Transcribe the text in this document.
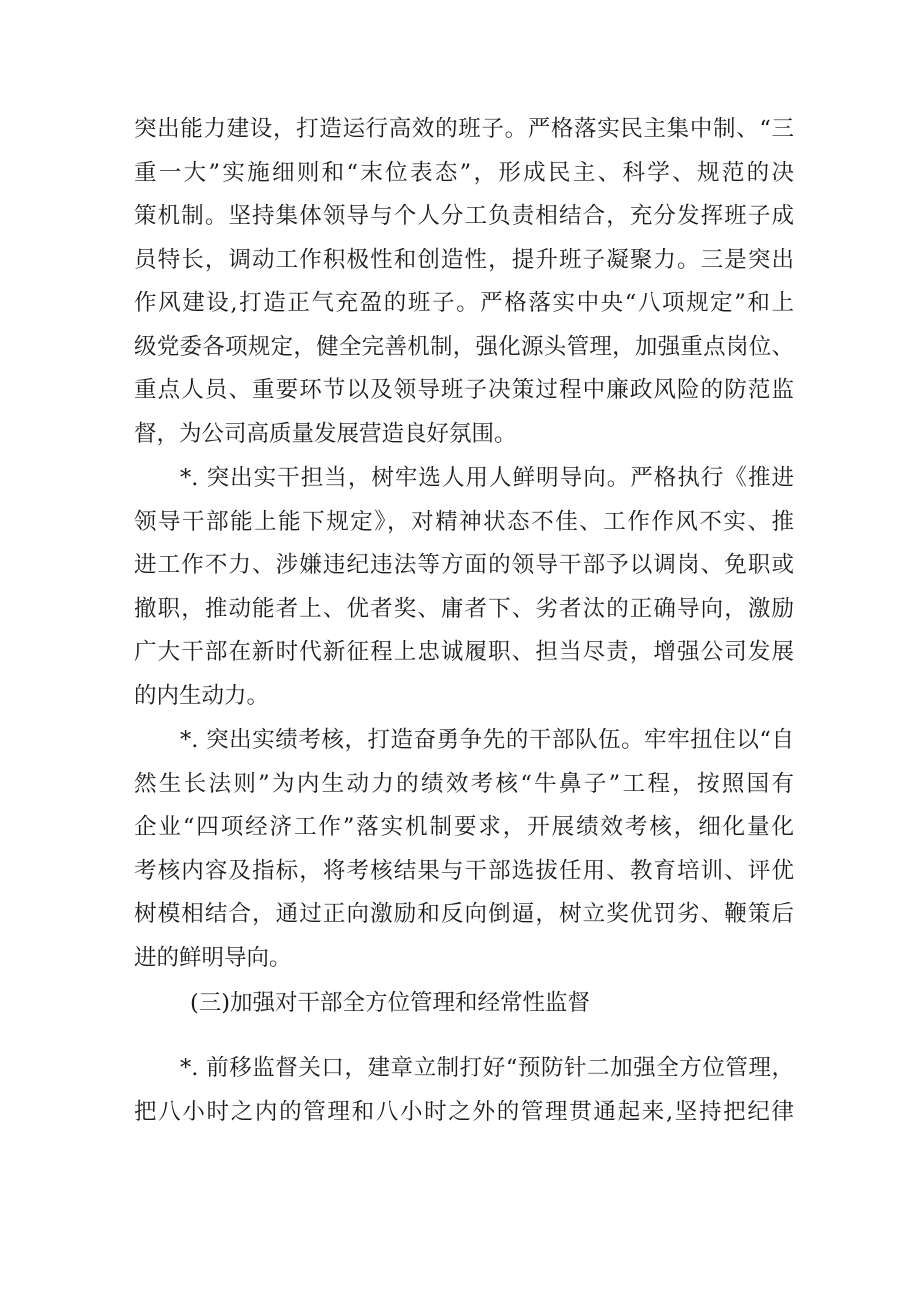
突出能力建设，打造运行高效的班子。严格落实民主集中制、“三
重一大”实施细则和“末位表态”，形成民主、科学、规范的决
策机制。坚持集体领导与个人分工负责相结合，充分发挥班子成
员特长，调动工作积极性和创造性，提升班子凝聚力。三是突出
作风建设,打造正气充盈的班子。严格落实中央“八项规定”和上
级党委各项规定，健全完善机制，强化源头管理，加强重点岗位、
重点人员、重要环节以及领导班子决策过程中廉政风险的防范监
督，为公司高质量发展营造良好氛围。
*. 突出实干担当，树牢选人用人鲜明导向。严格执行《推进
领导干部能上能下规定》，对精神状态不佳、工作作风不实、推
进工作不力、涉嫌违纪违法等方面的领导干部予以调岗、免职或
撤职，推动能者上、优者奖、庸者下、劣者汰的正确导向，激励
广大干部在新时代新征程上忠诚履职、担当尽责，增强公司发展
的内生动力。
*. 突出实绩考核，打造奋勇争先的干部队伍。牢牢扭住以“自
然生长法则”为内生动力的绩效考核“牛鼻子”工程，按照国有
企业“四项经济工作”落实机制要求，开展绩效考核，细化量化
考核内容及指标，将考核结果与干部选拔任用、教育培训、评优
树模相结合，通过正向激励和反向倒逼，树立奖优罚劣、鞭策后
进的鲜明导向。
(三)加强对干部全方位管理和经常性监督
*. 前移监督关口，建章立制打好“预防针二加强全方位管理，
把八小时之内的管理和八小时之外的管理贯通起来,坚持把纪律
